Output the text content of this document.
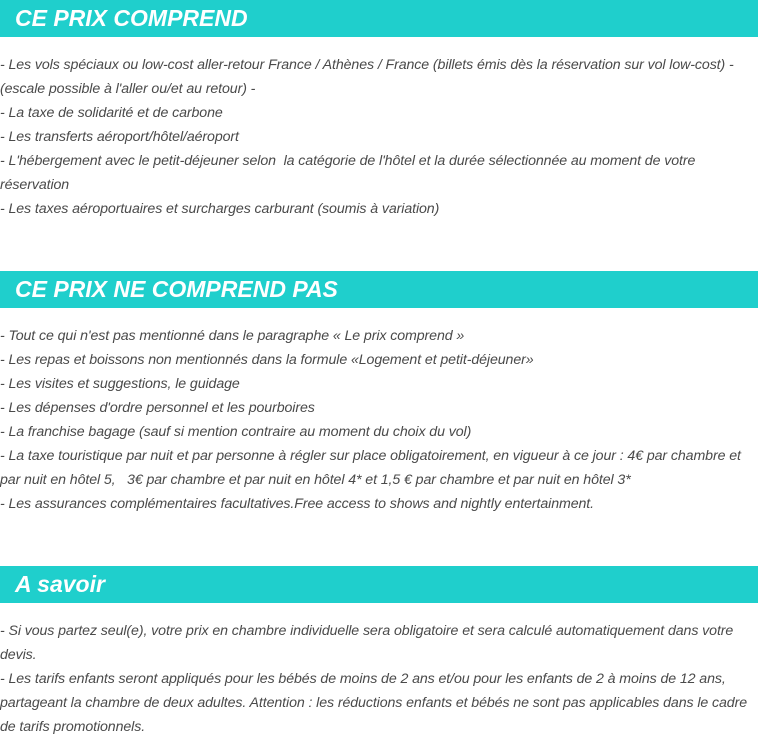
CE PRIX COMPREND
- Les vols spéciaux ou low-cost aller-retour France / Athènes / France (billets émis dès la réservation sur vol low-cost) - (escale possible à l'aller ou/et au retour) -
- La taxe de solidarité et de carbone
- Les transferts aéroport/hôtel/aéroport
- L'hébergement avec le petit-déjeuner selon  la catégorie de l'hôtel et la durée sélectionnée au moment de votre réservation
- Les taxes aéroportuaires et surcharges carburant (soumis à variation)
CE PRIX NE COMPREND PAS
- Tout ce qui n'est pas mentionné dans le paragraphe « Le prix comprend »
- Les repas et boissons non mentionnés dans la formule «Logement et petit-déjeuner»
- Les visites et suggestions, le guidage
- Les dépenses d'ordre personnel et les pourboires
- La franchise bagage (sauf si mention contraire au moment du choix du vol)
- La taxe touristique par nuit et par personne à régler sur place obligatoirement, en vigueur à ce jour : 4€ par chambre et par nuit en hôtel 5,   3€ par chambre et par nuit en hôtel 4* et 1,5 € par chambre et par nuit en hôtel 3*
- Les assurances complémentaires facultatives.Free access to shows and nightly entertainment.
A savoir
- Si vous partez seul(e), votre prix en chambre individuelle sera obligatoire et sera calculé automatiquement dans votre devis.
- Les tarifs enfants seront appliqués pour les bébés de moins de 2 ans et/ou pour les enfants de 2 à moins de 12 ans, partageant la chambre de deux adultes. Attention : les réductions enfants et bébés ne sont pas applicables dans le cadre de tarifs promotionnels.
